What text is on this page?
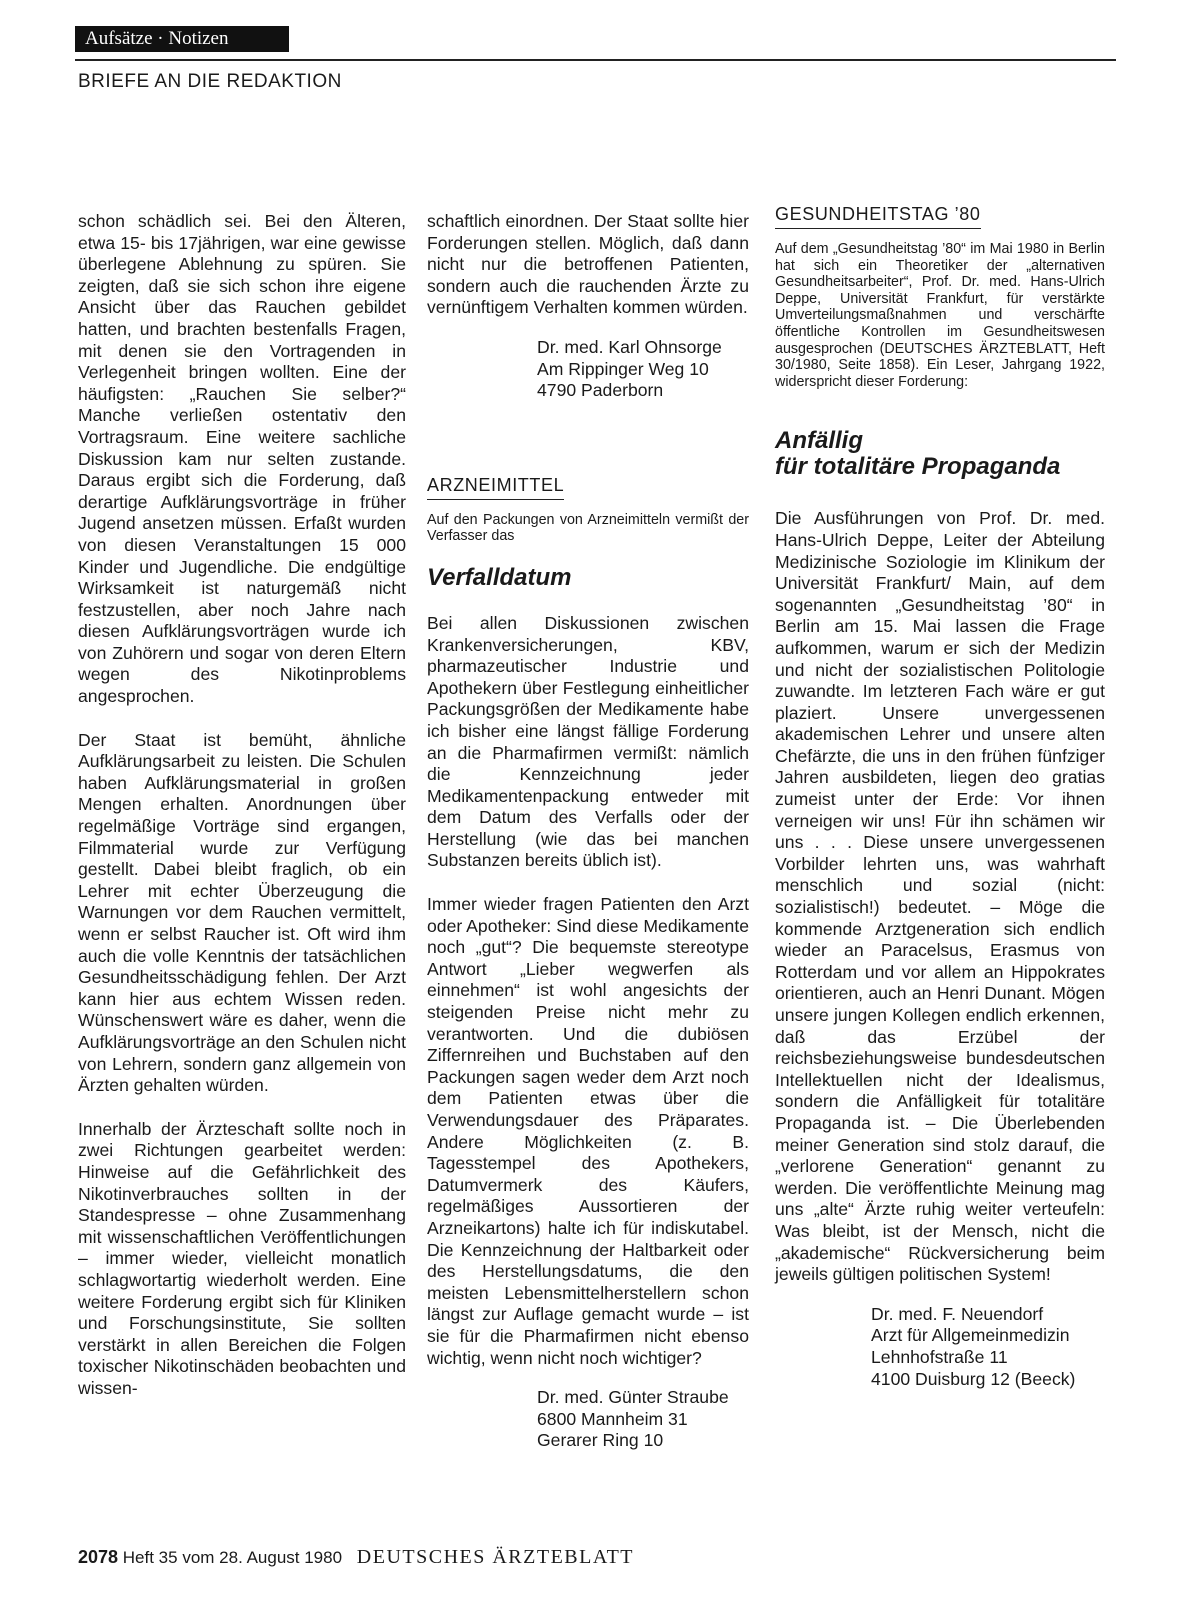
Aufsätze · Notizen
BRIEFE AN DIE REDAKTION

schon schädlich sei. Bei den Älteren, etwa 15- bis 17jährigen, war eine gewisse überlegene Ablehnung zu spüren. Sie zeigten, daß sie sich schon ihre eigene Ansicht über das Rauchen gebildet hatten, und brachten bestenfalls Fragen, mit denen sie den Vortragenden in Verlegenheit bringen wollten. Eine der häufigsten: „Rauchen Sie selber?“ Manche verließen ostentativ den Vortragsraum. Eine weitere sachliche Diskussion kam nur selten zustande. Daraus ergibt sich die Forderung, daß derartige Aufklärungsvorträge in früher Jugend ansetzen müssen. Erfaßt wurden von diesen Veranstaltungen 15 000 Kinder und Jugendliche. Die endgültige Wirksamkeit ist naturgemäß nicht festzustellen, aber noch Jahre nach diesen Aufklärungsvorträgen wurde ich von Zuhörern und sogar von deren Eltern wegen des Nikotinproblems angesprochen.

Der Staat ist bemüht, ähnliche Aufklärungsarbeit zu leisten. Die Schulen haben Aufklärungsmaterial in großen Mengen erhalten. Anordnungen über regelmäßige Vorträge sind ergangen, Filmmaterial wurde zur Verfügung gestellt. Dabei bleibt fraglich, ob ein Lehrer mit echter Überzeugung die Warnungen vor dem Rauchen vermittelt, wenn er selbst Raucher ist. Oft wird ihm auch die volle Kenntnis der tatsächlichen Gesundheitsschädigung fehlen. Der Arzt kann hier aus echtem Wissen reden. Wünschenswert wäre es daher, wenn die Aufklärungsvorträge an den Schulen nicht von Lehrern, sondern ganz allgemein von Ärzten gehalten würden.

Innerhalb der Ärzteschaft sollte noch in zwei Richtungen gearbeitet werden: Hinweise auf die Gefährlichkeit des Nikotinverbrauches sollten in der Standespresse – ohne Zusammenhang mit wissenschaftlichen Veröffentlichungen – immer wieder, vielleicht monatlich schlagwortartig wiederholt werden. Eine weitere Forderung ergibt sich für Kliniken und Forschungsinstitute, Sie sollten verstärkt in allen Bereichen die Folgen toxischer Nikotinschäden beobachten und wissen-

schaftlich einordnen. Der Staat sollte hier Forderungen stellen. Möglich, daß dann nicht nur die betroffenen Patienten, sondern auch die rauchenden Ärzte zu vernünftigem Verhalten kommen würden.

Dr. med. Karl Ohnsorge
Am Rippinger Weg 10
4790 Paderborn
ARZNEIMITTEL
Auf den Packungen von Arzneimitteln vermißt der Verfasser das
Verfalldatum

Bei allen Diskussionen zwischen Krankenversicherungen, KBV, pharmazeutischer Industrie und Apothekern über Festlegung einheitlicher Packungsgrößen der Medikamente habe ich bisher eine längst fällige Forderung an die Pharmafirmen vermißt: nämlich die Kennzeichnung jeder Medikamentenpackung entweder mit dem Datum des Verfalls oder der Herstellung (wie das bei manchen Substanzen bereits üblich ist).

Immer wieder fragen Patienten den Arzt oder Apotheker: Sind diese Medikamente noch „gut“? Die bequemste stereotype Antwort „Lieber wegwerfen als einnehmen“ ist wohl angesichts der steigenden Preise nicht mehr zu verantworten. Und die dubiösen Ziffernreihen und Buchstaben auf den Packungen sagen weder dem Arzt noch dem Patienten etwas über die Verwendungsdauer des Präparates. Andere Möglichkeiten (z. B. Tagesstempel des Apothekers, Datumvermerk des Käufers, regelmäßiges Aussortieren der Arzneikartons) halte ich für indiskutabel. Die Kennzeichnung der Haltbarkeit oder des Herstellungsdatums, die den meisten Lebensmittelherstellern schon längst zur Auflage gemacht wurde – ist sie für die Pharmafirmen nicht ebenso wichtig, wenn nicht noch wichtiger?

Dr. med. Günter Straube
6800 Mannheim 31
Gerarer Ring 10
GESUNDHEITSTAG ’80
Auf dem „Gesundheitstag ’80“ im Mai 1980 in Berlin hat sich ein Theoretiker der „alternativen Gesundheitsarbeiter“, Prof. Dr. med. Hans-Ulrich Deppe, Universität Frankfurt, für verstärkte Umverteilungsmaßnahmen und verschärfte öffentliche Kontrollen im Gesundheitswesen ausgesprochen (DEUTSCHES ÄRZTEBLATT, Heft 30/1980, Seite 1858). Ein Leser, Jahrgang 1922, widerspricht dieser Forderung:
Anfällig
für totalitäre Propaganda

Die Ausführungen von Prof. Dr. med. Hans-Ulrich Deppe, Leiter der Abteilung Medizinische Soziologie im Klinikum der Universität Frankfurt/ Main, auf dem sogenannten „Gesundheitstag ’80“ in Berlin am 15. Mai lassen die Frage aufkommen, warum er sich der Medizin und nicht der sozialistischen Politologie zuwandte. Im letzteren Fach wäre er gut plaziert. Unsere unvergessenen akademischen Lehrer und unsere alten Chefärzte, die uns in den frühen fünfziger Jahren ausbildeten, liegen deo gratias zumeist unter der Erde: Vor ihnen verneigen wir uns! Für ihn schämen wir uns . . . Diese unsere unvergessenen Vorbilder lehrten uns, was wahrhaft menschlich und sozial (nicht: sozialistisch!) bedeutet. – Möge die kommende Arztgeneration sich endlich wieder an Paracelsus, Erasmus von Rotterdam und vor allem an Hippokrates orientieren, auch an Henri Dunant. Mögen unsere jungen Kollegen endlich erkennen, daß das Erzübel der reichsbeziehungsweise bundesdeutschen Intellektuellen nicht der Idealismus, sondern die Anfälligkeit für totalitäre Propaganda ist. – Die Überlebenden meiner Generation sind stolz darauf, die „verlorene Generation“ genannt zu werden. Die veröffentlichte Meinung mag uns „alte“ Ärzte ruhig weiter verteufeln: Was bleibt, ist der Mensch, nicht die „akademische“ Rückversicherung beim jeweils gültigen politischen System!

Dr. med. F. Neuendorf
Arzt für Allgemeinmedizin
Lehnhofstraße 11
4100 Duisburg 12 (Beeck)
2078 Heft 35 vom 28. August 1980 DEUTSCHES ÄRZTEBLATT
